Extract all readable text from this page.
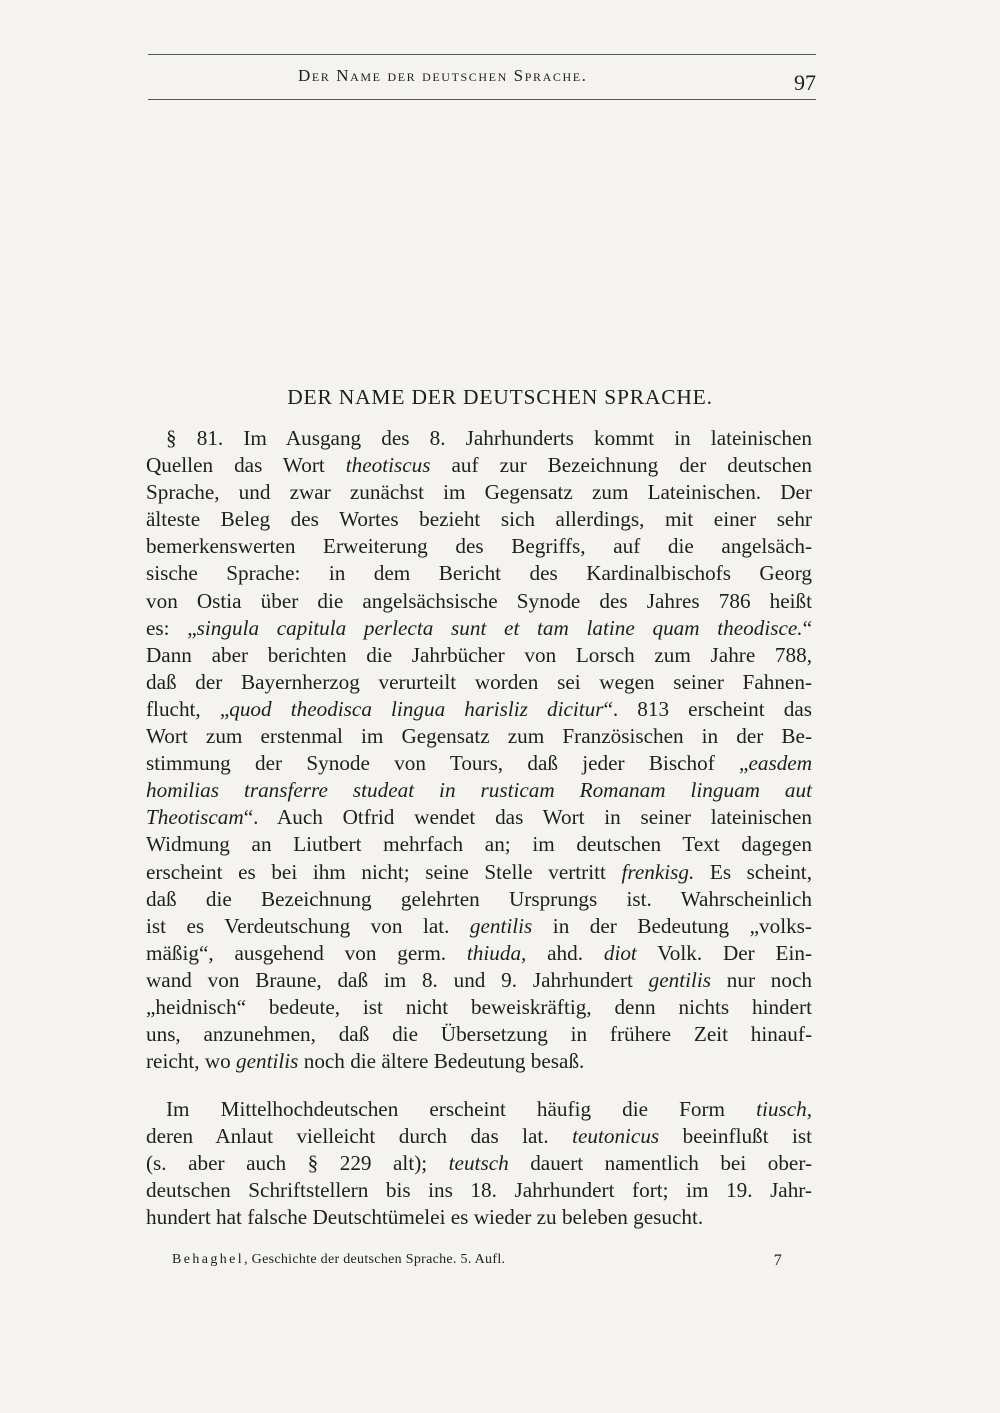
Der Name der deutschen Sprache.	97
DER NAME DER DEUTSCHEN SPRACHE.
§ 81. Im Ausgang des 8. Jahrhunderts kommt in lateinischen
Quellen das Wort theotiscus auf zur Bezeichnung der deutschen
Sprache, und zwar zunächst im Gegensatz zum Lateinischen. Der
älteste Beleg des Wortes bezieht sich allerdings, mit einer sehr
bemerkenswerten Erweiterung des Begriffs, auf die angelsäch-
sische Sprache: in dem Bericht des Kardinalbischofs Georg
von Ostia über die angelsächsische Synode des Jahres 786 heißt
es: „singula capitula perlecta sunt et tam latine quam theodisce.“
Dann aber berichten die Jahrbücher von Lorsch zum Jahre 788,
daß der Bayernherzog verurteilt worden sei wegen seiner Fahnen-
flucht, „quod theodisca lingua harisliz dicitur“. 813 erscheint das
Wort zum erstenmal im Gegensatz zum Französischen in der Be-
stimmung der Synode von Tours, daß jeder Bischof „easdem
homilias transferre studeat in rusticam Romanam linguam aut
Theotiscam“. Auch Otfrid wendet das Wort in seiner lateinischen
Widmung an Liutbert mehrfach an; im deutschen Text dagegen
erscheint es bei ihm nicht; seine Stelle vertritt frenkisg. Es scheint,
daß die Bezeichnung gelehrten Ursprungs ist. Wahrscheinlich
ist es Verdeutschung von lat. gentilis in der Bedeutung „volks-
mäßig“, ausgehend von germ. thiuda, ahd. diot Volk. Der Ein-
wand von Braune, daß im 8. und 9. Jahrhundert gentilis nur noch
„heidnisch“ bedeute, ist nicht beweiskräftig, denn nichts hindert
uns, anzunehmen, daß die Übersetzung in frühere Zeit hinauf-
reicht, wo gentilis noch die ältere Bedeutung besaß.
Im Mittelhochdeutschen erscheint häufig die Form tiusch,
deren Anlaut vielleicht durch das lat. teutonicus beeinflußt ist
(s. aber auch § 229 alt); teutsch dauert namentlich bei ober-
deutschen Schriftstellern bis ins 18. Jahrhundert fort; im 19. Jahr-
hundert hat falsche Deutschtümelei es wieder zu beleben gesucht.
Behaghel, Geschichte der deutschen Sprache. 5. Aufl.	7
